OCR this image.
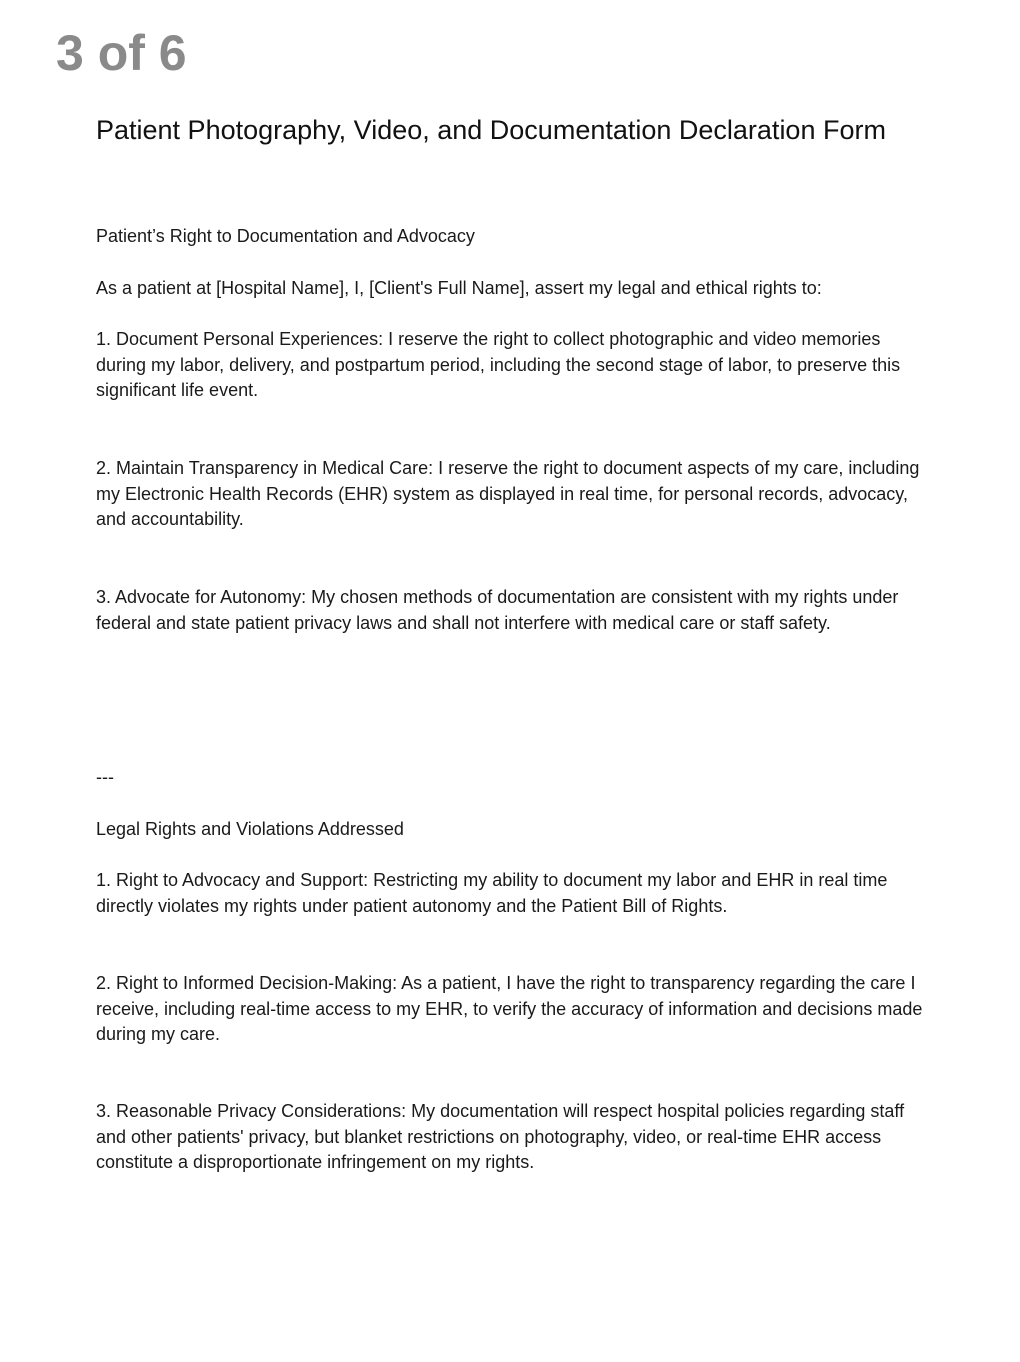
3 of 6
Patient Photography, Video, and Documentation Declaration Form

Patient’s Right to Documentation and Advocacy

As a patient at [Hospital Name], I, [Client's Full Name], assert my legal and ethical rights to:

1. Document Personal Experiences: I reserve the right to collect photographic and video memories during my labor, delivery, and postpartum period, including the second stage of labor, to preserve this significant life event.

2. Maintain Transparency in Medical Care: I reserve the right to document aspects of my care, including my Electronic Health Records (EHR) system as displayed in real time, for personal records, advocacy, and accountability.

3. Advocate for Autonomy: My chosen methods of documentation are consistent with my rights under federal and state patient privacy laws and shall not interfere with medical care or staff safety.

---

Legal Rights and Violations Addressed

1. Right to Advocacy and Support: Restricting my ability to document my labor and EHR in real time directly violates my rights under patient autonomy and the Patient Bill of Rights.

2. Right to Informed Decision-Making: As a patient, I have the right to transparency regarding the care I receive, including real-time access to my EHR, to verify the accuracy of information and decisions made during my care.

3. Reasonable Privacy Considerations: My documentation will respect hospital policies regarding staff and other patients' privacy, but blanket restrictions on photography, video, or real-time EHR access constitute a disproportionate infringement on my rights.
